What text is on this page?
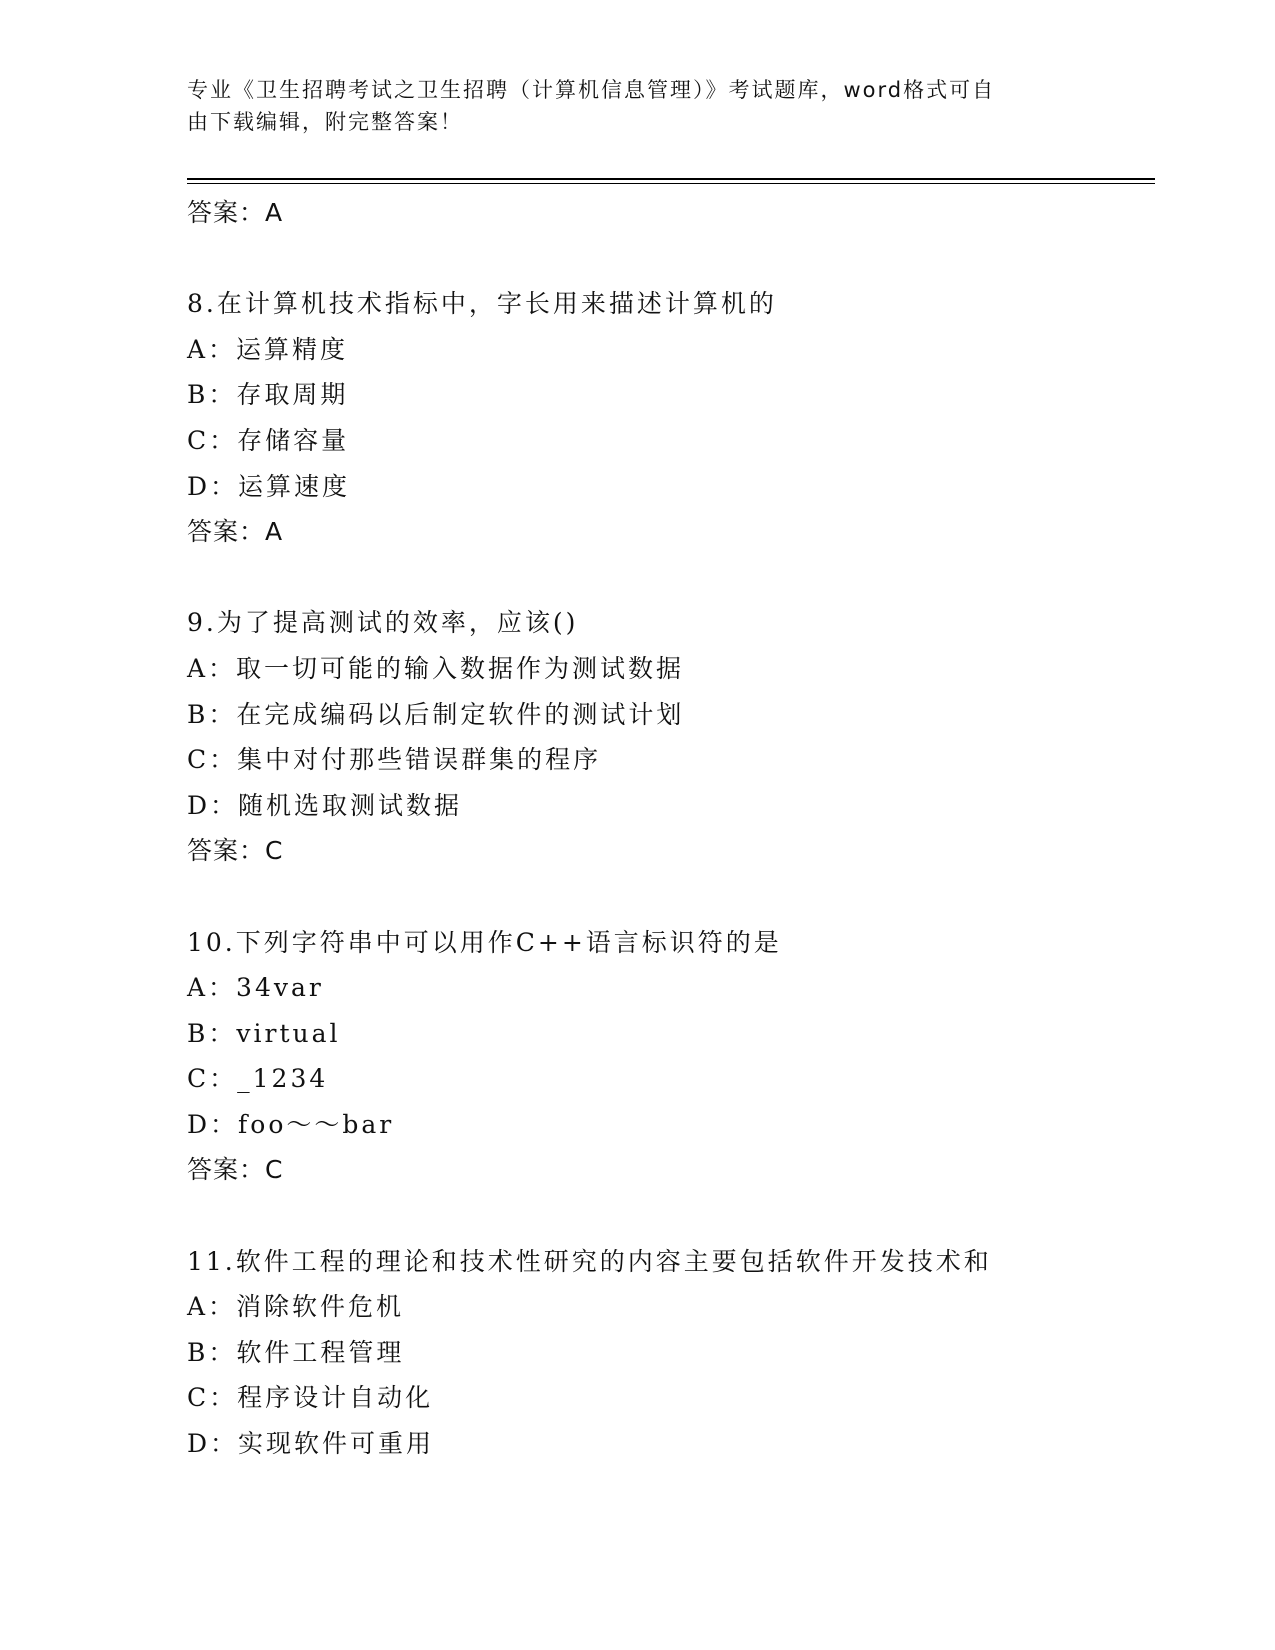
专业《卫生招聘考试之卫生招聘（计算机信息管理）》考试题库，word格式可自
由下载编辑，附完整答案！
答案：A
8.在计算机技术指标中，字长用来描述计算机的
A：运算精度
B：存取周期
C：存储容量
D：运算速度
答案：A
9.为了提高测试的效率，应该()
A：取一切可能的输入数据作为测试数据
B：在完成编码以后制定软件的测试计划
C：集中对付那些错误群集的程序
D：随机选取测试数据
答案：C
10.下列字符串中可以用作C++语言标识符的是
A：34var
B：virtual
C：_1234
D：foo～～bar
答案：C
11.软件工程的理论和技术性研究的内容主要包括软件开发技术和
A：消除软件危机
B：软件工程管理
C：程序设计自动化
D：实现软件可重用
